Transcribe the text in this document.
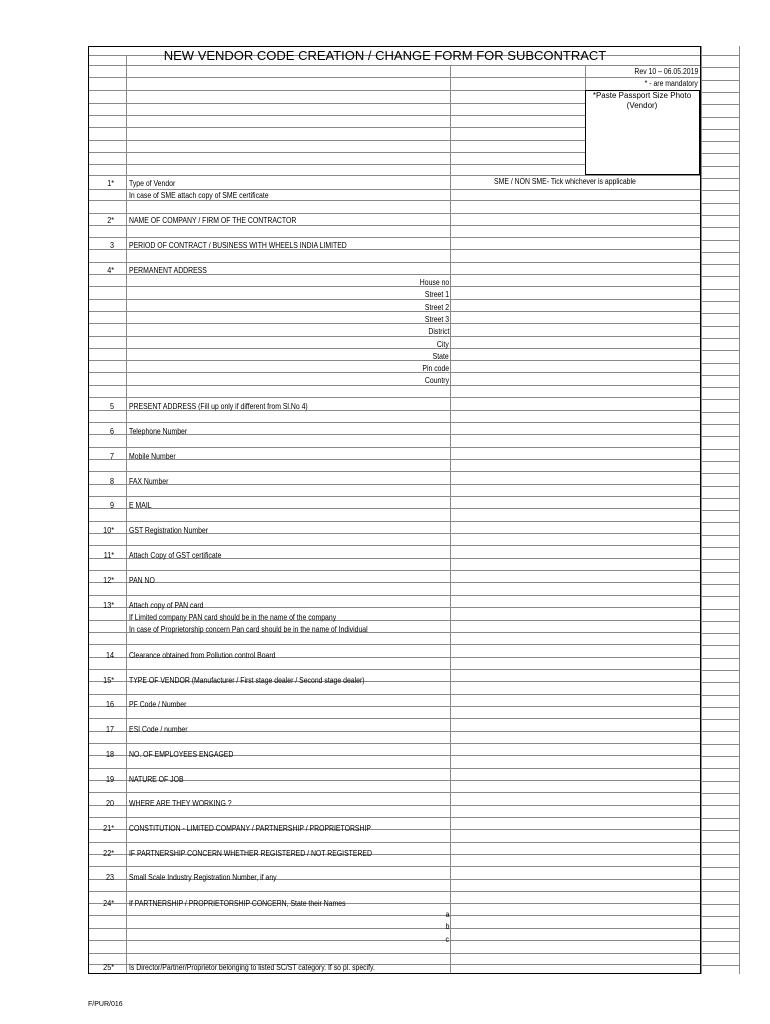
NEW VENDOR CODE CREATION / CHANGE FORM FOR SUBCONTRACT
Rev 10 – 06.05.2019
* - are mandatory
*Paste Passport Size Photo
(Vendor)
SME / NON SME- Tick whichever is applicable
1* Type of Vendor
In case of SME attach copy of SME certificate
2* NAME OF COMPANY / FIRM OF THE CONTRACTOR
3 PERIOD OF CONTRACT / BUSINESS WITH WHEELS INDIA LIMITED
4* PERMANENT ADDRESS
5 PRESENT ADDRESS (Fill up only if different from Sl.No 4)
6 Telephone Number
7 Mobile Number
8 FAX Number
9 E MAIL
10* GST Registration Number
11* Attach Copy of GST certificate
12* PAN NO
13* Attach copy of PAN card
If Limited company PAN card should be in the name of the company
In case of Proprietorship concern Pan card should be in the name of Individual
14 Clearance obtained from Pollution control Board
15* TYPE OF VENDOR (Manufacturer / First stage dealer / Second stage dealer)
16 PF Code / Number
17 ESI Code / number
18 NO. OF EMPLOYEES ENGAGED
19 NATURE OF JOB
20 WHERE ARE THEY WORKING ?
21* CONSTITUTION - LIMITED COMPANY / PARTNERSHIP / PROPRIETORSHIP
22* IF PARTNERSHIP CONCERN WHETHER REGISTERED / NOT REGISTERED
23 Small Scale Industry Registration Number, if any
24* If PARTNERSHIP / PROPRIETORSHIP CONCERN, State their Names
25* Is Director/Partner/Proprietor belonging to listed SC/ST category. If so pl. specify.
House no
Street 1
Street 2
Street 3
District
City
State
Pin code
Country
a
b
c
F/PUR/016
